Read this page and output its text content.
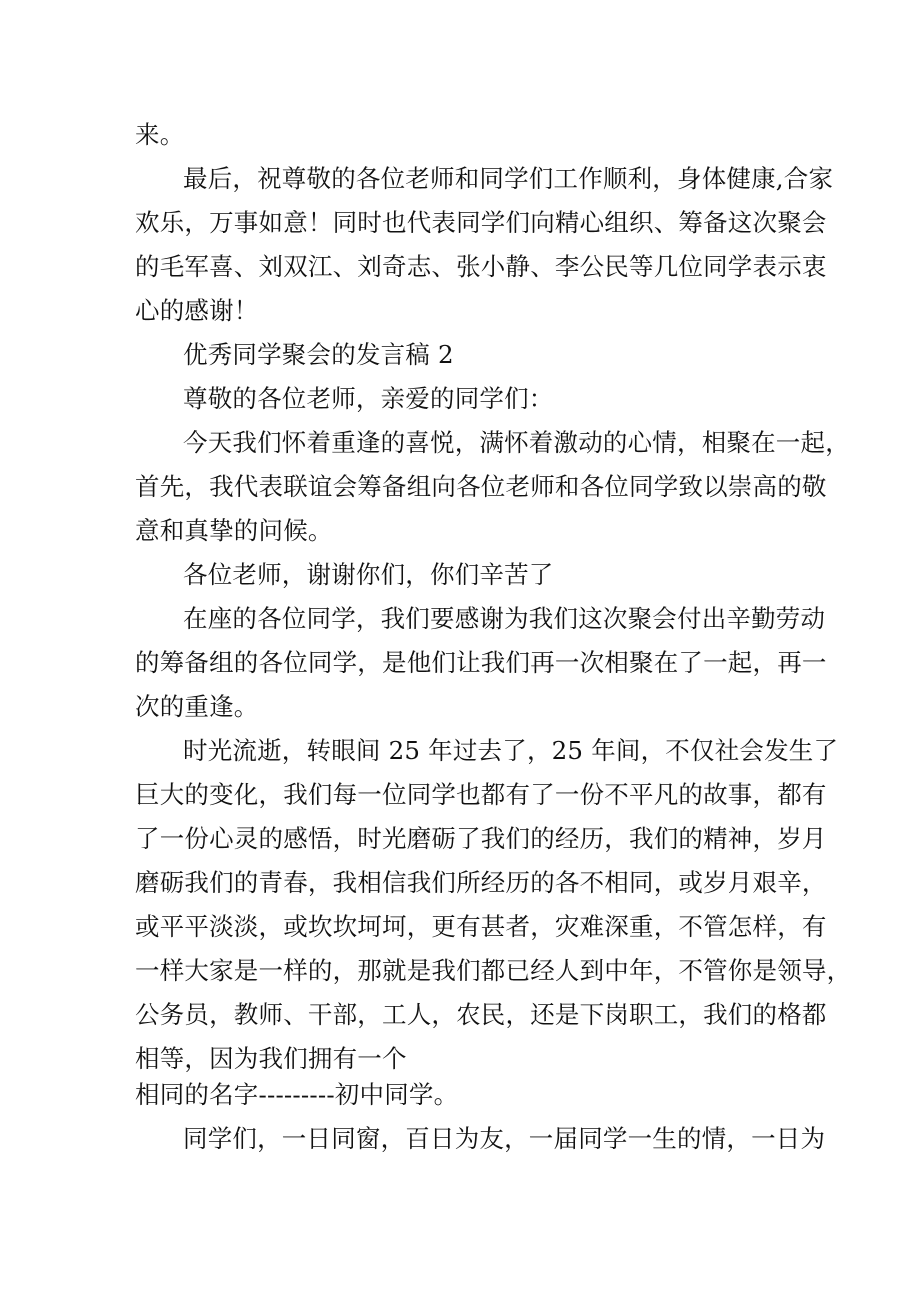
来。
最后，祝尊敬的各位老师和同学们工作顺利，身体健康,合家
欢乐，万事如意！同时也代表同学们向精心组织、筹备这次聚会
的毛军喜、刘双江、刘奇志、张小静、李公民等几位同学表示衷
心的感谢！
优秀同学聚会的发言稿 2
尊敬的各位老师，亲爱的同学们：
今天我们怀着重逢的喜悦，满怀着激动的心情，相聚在一起，
首先，我代表联谊会筹备组向各位老师和各位同学致以崇高的敬
意和真挚的问候。
各位老师，谢谢你们，你们辛苦了
在座的各位同学，我们要感谢为我们这次聚会付出辛勤劳动
的筹备组的各位同学，是他们让我们再一次相聚在了一起，再一
次的重逢。
时光流逝，转眼间 25 年过去了，25 年间，不仅社会发生了
巨大的变化，我们每一位同学也都有了一份不平凡的故事，都有
了一份心灵的感悟，时光磨砺了我们的经历，我们的精神，岁月
磨砺我们的青春，我相信我们所经历的各不相同，或岁月艰辛，
或平平淡淡，或坎坎坷坷，更有甚者，灾难深重，不管怎样，有
一样大家是一样的，那就是我们都已经人到中年，不管你是领导，
公务员，教师、干部，工人，农民，还是下岗职工，我们的格都
相等，因为我们拥有一个
相同的名字---------初中同学。
同学们，一日同窗，百日为友，一届同学一生的情，一日为
